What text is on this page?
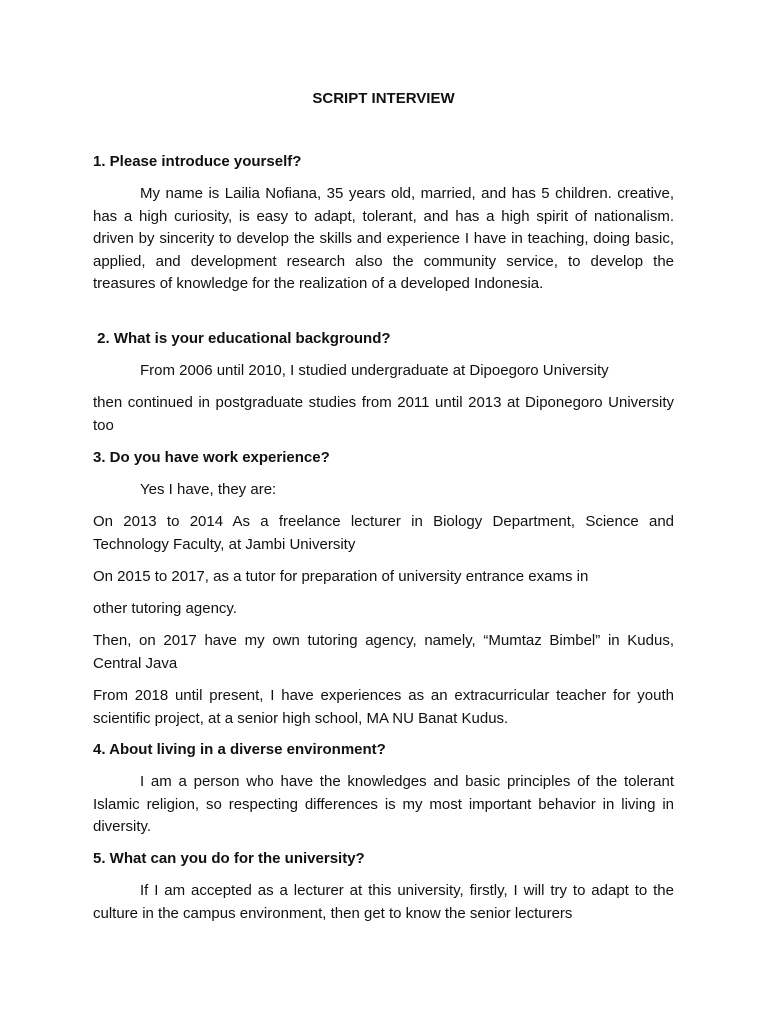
SCRIPT INTERVIEW
1. Please introduce yourself?
My name is Lailia Nofiana, 35 years old, married, and has 5 children. creative, has a high curiosity, is easy to adapt, tolerant, and has a high spirit of nationalism. driven by sincerity to develop the skills and experience I have in teaching, doing basic, applied, and development research also the community service, to develop the treasures of knowledge for the realization of a developed Indonesia.
2. What is your educational background?
From 2006 until 2010, I studied undergraduate at Dipoegoro University
then continued in postgraduate studies from 2011 until 2013 at Diponegoro University too
3. Do you have work experience?
Yes I have, they are:
On 2013 to 2014 As a freelance lecturer in Biology Department, Science and Technology Faculty, at Jambi University
On 2015 to 2017, as a tutor for preparation of university entrance exams in
other tutoring agency.
Then, on 2017 have my own tutoring agency, namely, “Mumtaz Bimbel” in Kudus, Central Java
From 2018 until present, I have experiences as an extracurricular teacher for youth scientific project, at a senior high school, MA NU Banat Kudus.
4. About living in a diverse environment?
I am a person who have the knowledges and basic principles of the tolerant Islamic religion, so respecting differences is my most important behavior in living in diversity.
5. What can you do for the university?
If I am accepted as a lecturer at this university, firstly, I will try to adapt to the culture in the campus environment, then get to know the senior lecturers
